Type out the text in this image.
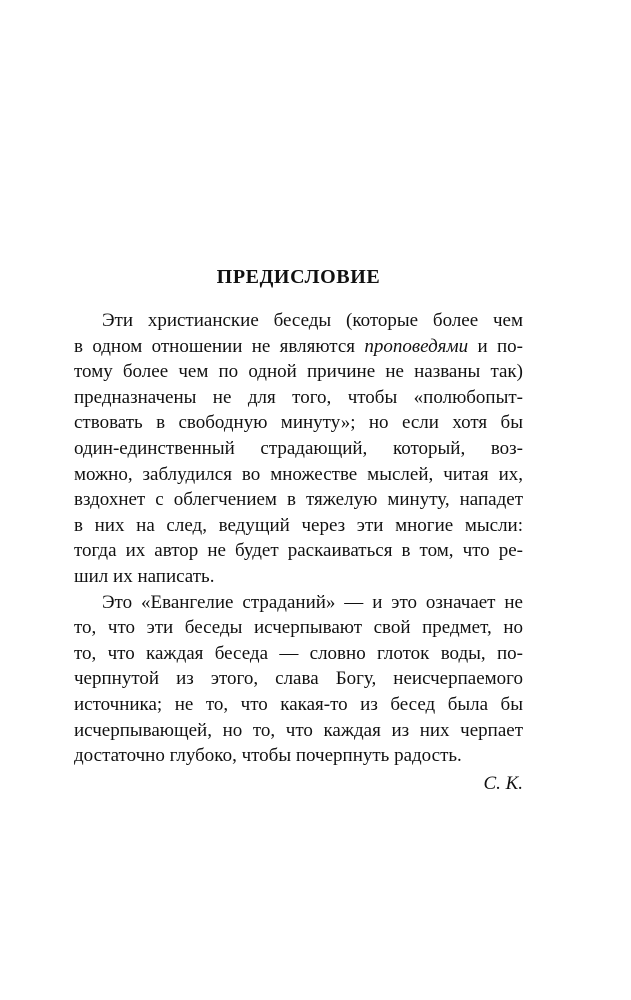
ПРЕДИСЛОВИЕ
Эти христианские беседы (которые более чем
в одном отношении не являются проповедями и по-
тому более чем по одной причине не названы так)
предназначены не для того, чтобы «полюбопыт-
ствовать в свободную минуту»; но если хотя бы
один-единственный страдающий, который, воз-
можно, заблудился во множестве мыслей, читая их,
вздохнет с облегчением в тяжелую минуту, нападет
в них на след, ведущий через эти многие мысли:
тогда их автор не будет раскаиваться в том, что ре-
шил их написать.
Это «Евангелие страданий» — и это означает не
то, что эти беседы исчерпывают свой предмет, но
то, что каждая беседа — словно глоток воды, по-
черпнутой из этого, слава Богу, неисчерпаемого
источника; не то, что какая-то из бесед была бы
исчерпывающей, но то, что каждая из них черпает
достаточно глубоко, чтобы почерпнуть радость.
С. К.
